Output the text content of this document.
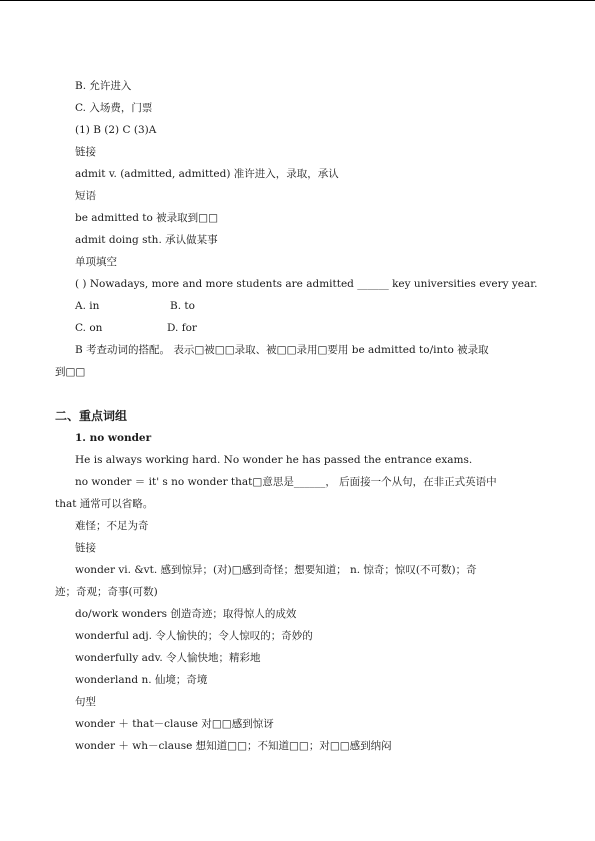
B. 允许进入
C. 入场费，门票
(1) B (2) C (3)A
链接
admit v. (admitted, admitted) 准许进入，录取，承认
短语
be admitted to 被录取到□□
admit doing sth. 承认做某事
单项填空
( ) Nowadays, more and more students are admitted ______ key universities every year.
A. in	B. to
C. on	D. for
B 考查动词的搭配。 表示□被□□录取、被□□录用□要用 be admitted to/into 被录取
到□□
二、重点词组
1. no wonder
He is always working hard. No wonder he has passed the entrance exams.
no wonder ＝ it' s no wonder that□意思是______， 后面接一个从句，在非正式英语中
that 通常可以省略。
难怪；不足为奇
链接
wonder vi. &vt. 感到惊异；(对)□感到奇怪；想要知道； n. 惊奇；惊叹(不可数)；奇
迹；奇观；奇事(可数)
do/work wonders 创造奇迹；取得惊人的成效
wonderful adj. 令人愉快的；令人惊叹的；奇妙的
wonderfully adv. 令人愉快地；精彩地
wonderland n. 仙境；奇境
句型
wonder ＋ that－clause 对□□感到惊讶
wonder ＋ wh－clause 想知道□□；不知道□□；对□□感到纳闷
